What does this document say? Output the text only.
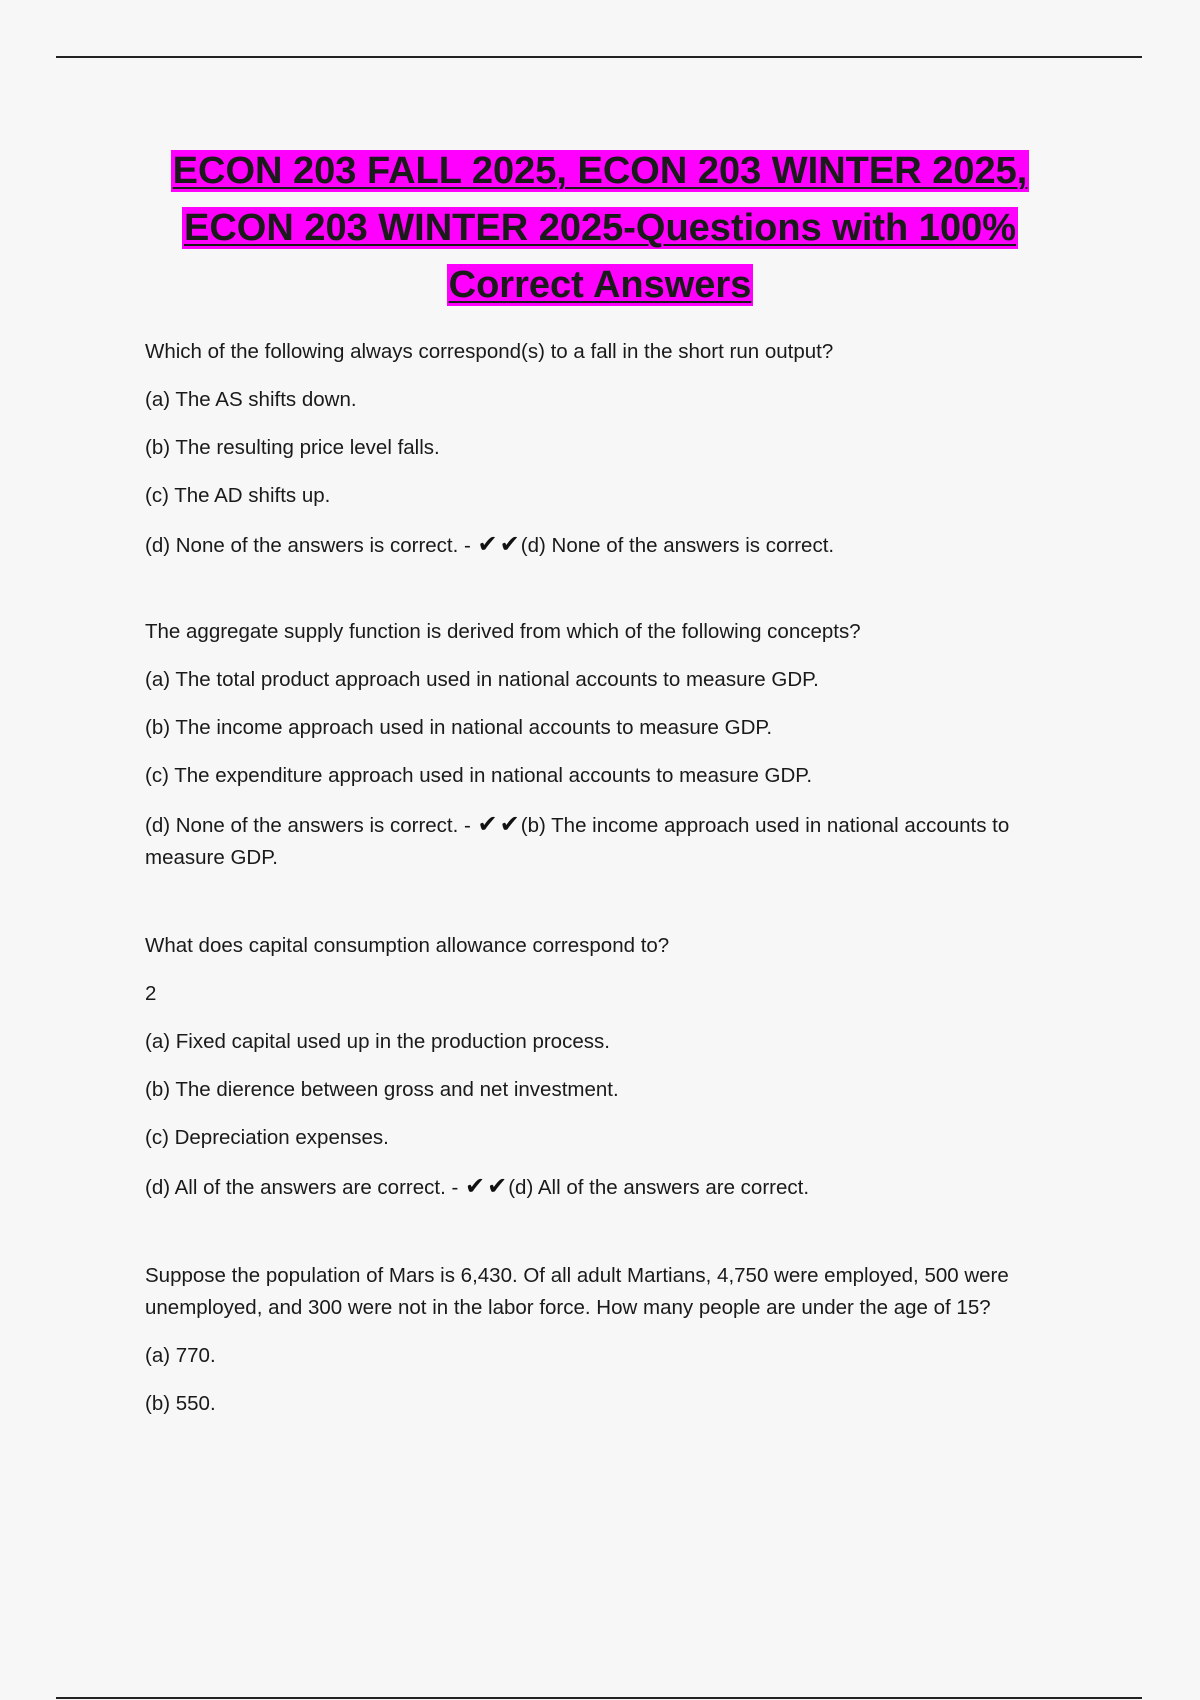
ECON 203 FALL 2025, ECON 203 WINTER 2025,
ECON 203 WINTER 2025-Questions with 100%
Correct Answers

Which of the following always correspond(s) to a fall in the short run output?

(a) The AS shifts down.

(b) The resulting price level falls.

(c) The AD shifts up.

(d) None of the answers is correct. - ✔✔(d) None of the answers is correct.

The aggregate supply function is derived from which of the following concepts?

(a) The total product approach used in national accounts to measure GDP.

(b) The income approach used in national accounts to measure GDP.

(c) The expenditure approach used in national accounts to measure GDP.

(d) None of the answers is correct. - ✔✔(b) The income approach used in national accounts to measure GDP.

What does capital consumption allowance correspond to?

2

(a) Fixed capital used up in the production process.

(b) The dierence between gross and net investment.

(c) Depreciation expenses.

(d) All of the answers are correct. - ✔✔(d) All of the answers are correct.

Suppose the population of Mars is 6,430. Of all adult Martians, 4,750 were employed, 500 were unemployed, and 300 were not in the labor force. How many people are under the age of 15?

(a) 770.

(b) 550.
